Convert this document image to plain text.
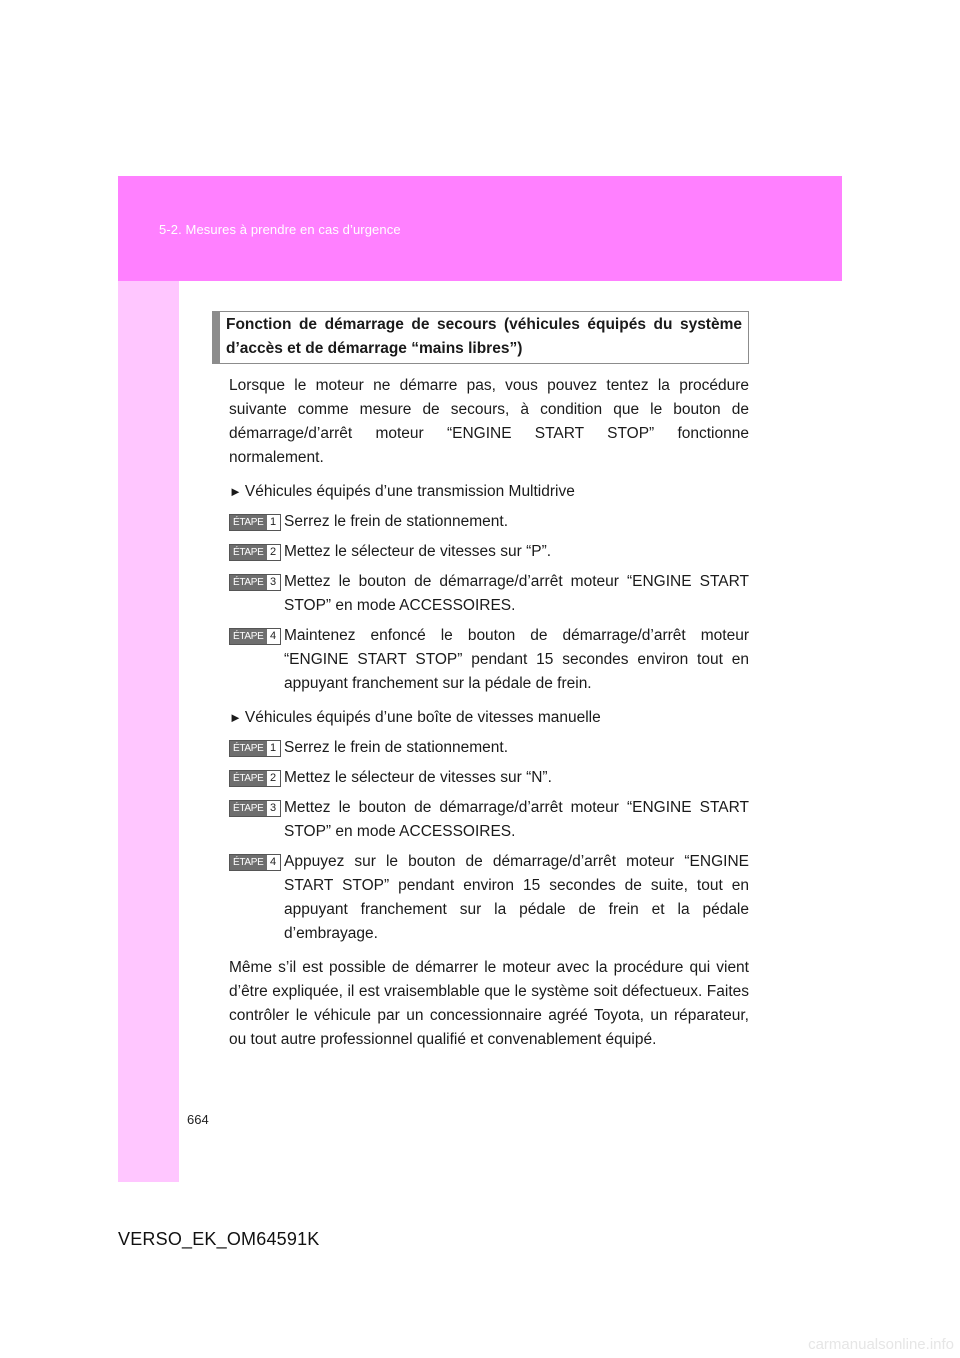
5-2. Mesures à prendre en cas d’urgence
Fonction de démarrage de secours (véhicules équipés du système d’accès et de démarrage “mains libres”)

Lorsque le moteur ne démarre pas, vous pouvez tentez la procédure suivante comme mesure de secours, à condition que le bouton de démarrage/d’arrêt moteur “ENGINE START STOP” fonctionne normalement.

► Véhicules équipés d’une transmission Multidrive
ÉTAPE 1 Serrez le frein de stationnement.
ÉTAPE 2 Mettez le sélecteur de vitesses sur “P”.
ÉTAPE 3 Mettez le bouton de démarrage/d’arrêt moteur “ENGINE START STOP” en mode ACCESSOIRES.
ÉTAPE 4 Maintenez enfoncé le bouton de démarrage/d’arrêt moteur “ENGINE START STOP” pendant 15 secondes environ tout en appuyant franchement sur la pédale de frein.
► Véhicules équipés d’une boîte de vitesses manuelle
ÉTAPE 1 Serrez le frein de stationnement.
ÉTAPE 2 Mettez le sélecteur de vitesses sur “N”.
ÉTAPE 3 Mettez le bouton de démarrage/d’arrêt moteur “ENGINE START STOP” en mode ACCESSOIRES.
ÉTAPE 4 Appuyez sur le bouton de démarrage/d’arrêt moteur “ENGINE START STOP” pendant environ 15 secondes de suite, tout en appuyant franchement sur la pédale de frein et la pédale d’embrayage.

Même s’il est possible de démarrer le moteur avec la procédure qui vient d’être expliquée, il est vraisemblable que le système soit défectueux. Faites contrôler le véhicule par un concessionnaire agréé Toyota, un réparateur, ou tout autre professionnel qualifié et convenablement équipé.

664
VERSO_EK_OM64591K
carmanualsonline.info
